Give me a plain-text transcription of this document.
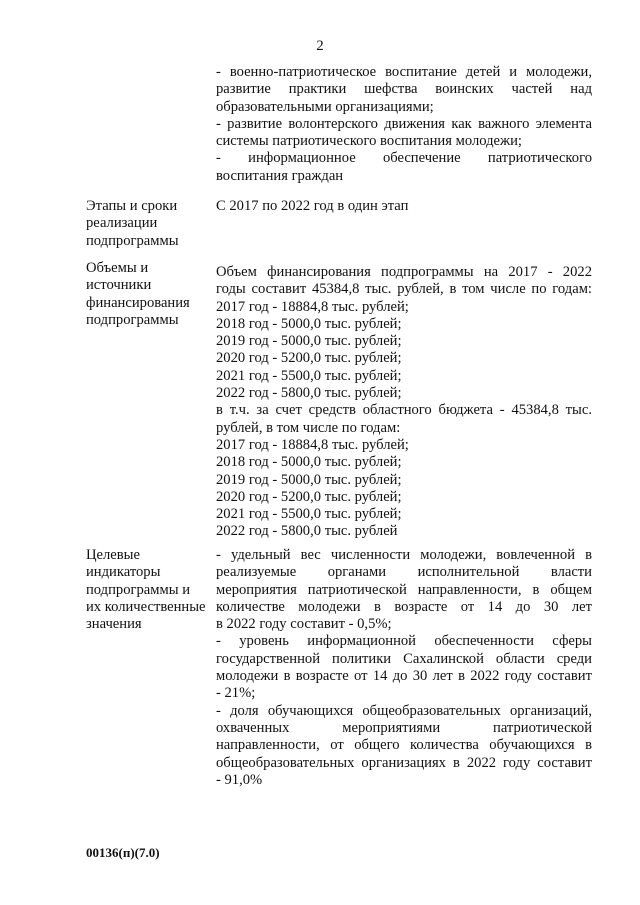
2
- военно-патриотическое воспитание детей и молодежи,
развитие практики шефства воинских частей над
образовательными организациями;
- развитие волонтерского движения как важного элемента
системы патриотического воспитания молодежи;
- информационное обеспечение патриотического
воспитания граждан
Этапы и сроки
реализации
подпрограммы
С 2017 по 2022 год в один этап
Объемы и
источники
финансирования
подпрограммы
Объем финансирования подпрограммы на 2017 - 2022
годы составит 45384,8 тыс. рублей, в том числе по годам:
2017 год - 18884,8 тыс. рублей;
2018 год - 5000,0 тыс. рублей;
2019 год - 5000,0 тыс. рублей;
2020 год - 5200,0 тыс. рублей;
2021 год - 5500,0 тыс. рублей;
2022 год - 5800,0 тыс. рублей;
в т.ч. за счет средств областного бюджета - 45384,8 тыс.
рублей, в том числе по годам:
2017 год - 18884,8 тыс. рублей;
2018 год - 5000,0 тыс. рублей;
2019 год - 5000,0 тыс. рублей;
2020 год - 5200,0 тыс. рублей;
2021 год - 5500,0 тыс. рублей;
2022 год - 5800,0 тыс. рублей
Целевые
индикаторы
подпрограммы и
их количественные
значения
- удельный вес численности молодежи, вовлеченной в
реализуемые органами исполнительной власти
мероприятия патриотической направленности, в общем
количестве молодежи в возрасте от 14 до 30 лет
в 2022 году составит - 0,5%;
- уровень информационной обеспеченности сферы
государственной политики Сахалинской области среди
молодежи в возрасте от 14 до 30 лет в 2022 году составит
- 21%;
- доля обучающихся общеобразовательных организаций,
охваченных мероприятиями патриотической
направленности, от общего количества обучающихся в
общеобразовательных организациях в 2022 году составит
- 91,0%
00136(п)(7.0)
